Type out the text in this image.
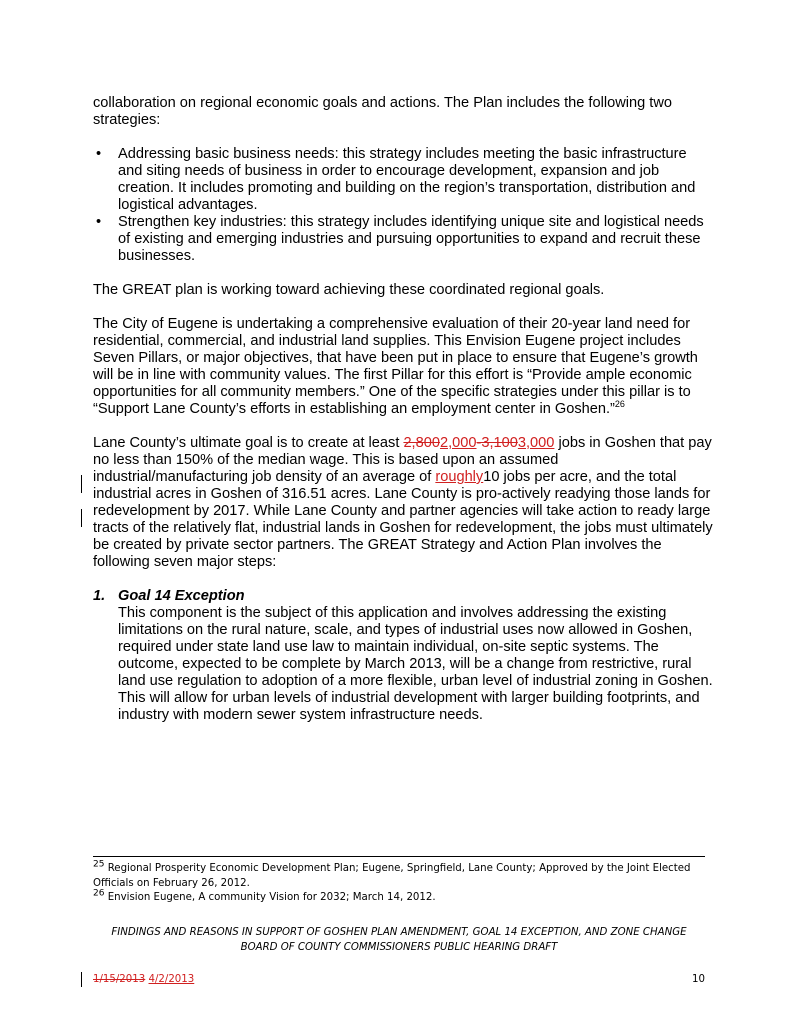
collaboration on regional economic goals and actions. The Plan includes the following two strategies:

• Addressing basic business needs: this strategy includes meeting the basic infrastructure and siting needs of business in order to encourage development, expansion and job creation. It includes promoting and building on the region’s transportation, distribution and logistical advantages.
• Strengthen key industries: this strategy includes identifying unique site and logistical needs of existing and emerging industries and pursuing opportunities to expand and recruit these businesses.

The GREAT plan is working toward achieving these coordinated regional goals.

The City of Eugene is undertaking a comprehensive evaluation of their 20-year land need for residential, commercial, and industrial land supplies. This Envision Eugene project includes Seven Pillars, or major objectives, that have been put in place to ensure that Eugene’s growth will be in line with community values. The first Pillar for this effort is “Provide ample economic opportunities for all community members.” One of the specific strategies under this pillar is to “Support Lane County’s efforts in establishing an employment center in Goshen.”$^{26}$

Lane County’s ultimate goal is to create at least 2,8002,000-3,1003,000 jobs in Goshen that pay no less than 150% of the median wage. This is based upon an assumed industrial/manufacturing job density of an average of roughly10 jobs per acre, and the total industrial acres in Goshen of 316.51 acres. Lane County is pro-actively readying those lands for redevelopment by 2017. While Lane County and partner agencies will take action to ready large tracts of the relatively flat, industrial lands in Goshen for redevelopment, the jobs must ultimately be created by private sector partners. The GREAT Strategy and Action Plan involves the following seven major steps:

1. Goal 14 Exception

This component is the subject of this application and involves addressing the existing limitations on the rural nature, scale, and types of industrial uses now allowed in Goshen, required under state land use law to maintain individual, on-site septic systems. The outcome, expected to be complete by March 2013, will be a change from restrictive, rural land use regulation to adoption of a more flexible, urban level of industrial zoning in Goshen. This will allow for urban levels of industrial development with larger building footprints, and industry with modern sewer system infrastructure needs.

$^{25}$ Regional Prosperity Economic Development Plan; Eugene, Springfield, Lane County; Approved by the Joint Elected Officials on February 26, 2012.

$^{26}$ Envision Eugene, A community Vision for 2032; March 14, 2012.

FINDINGS AND REASONS IN SUPPORT OF GOSHEN PLAN AMENDMENT, GOAL 14 EXCEPTION, AND ZONE CHANGE

BOARD OF COUNTY COMMISSIONERS PUBLIC HEARING DRAFT

1/15/2013 4/2/2013	10
